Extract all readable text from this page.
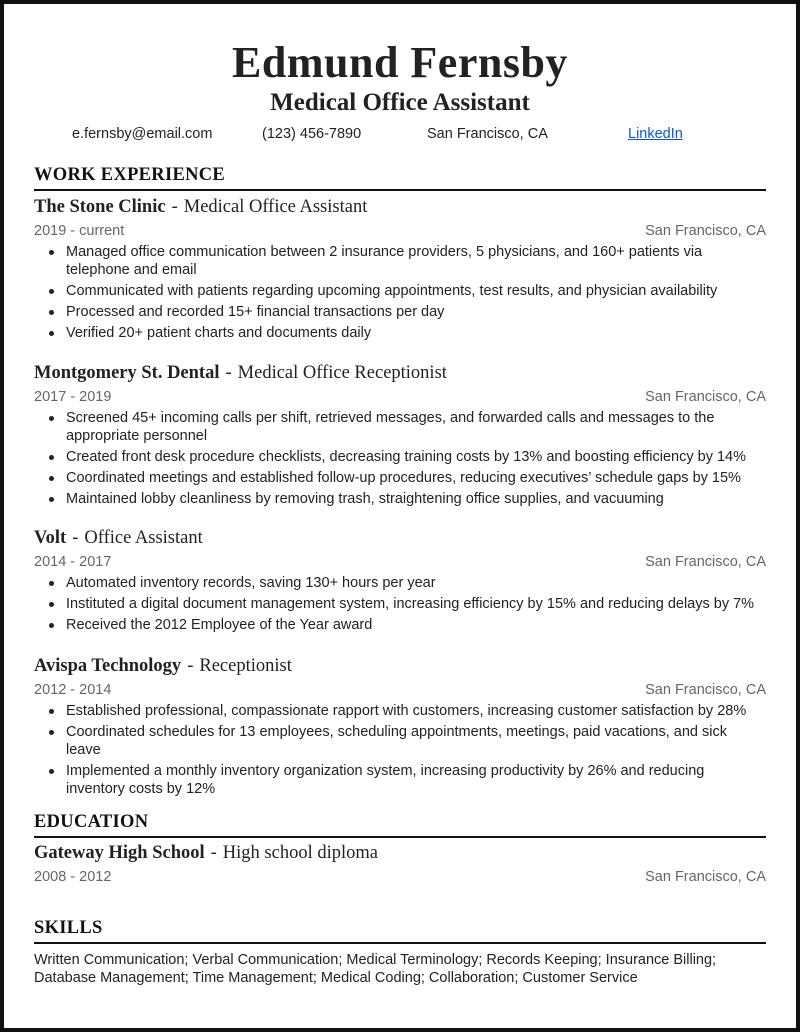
Edmund Fernsby
Medical Office Assistant
e.fernsby@email.com	(123) 456-7890	San Francisco, CA	LinkedIn
WORK EXPERIENCE
The Stone Clinic - Medical Office Assistant
2019 - current	San Francisco, CA
Managed office communication between 2 insurance providers, 5 physicians, and 160+ patients via telephone and email
Communicated with patients regarding upcoming appointments, test results, and physician availability
Processed and recorded 15+ financial transactions per day
Verified 20+ patient charts and documents daily
Montgomery St. Dental - Medical Office Receptionist
2017 - 2019	San Francisco, CA
Screened 45+ incoming calls per shift, retrieved messages, and forwarded calls and messages to the appropriate personnel
Created front desk procedure checklists, decreasing training costs by 13% and boosting efficiency by 14%
Coordinated meetings and established follow-up procedures, reducing executives’ schedule gaps by 15%
Maintained lobby cleanliness by removing trash, straightening office supplies, and vacuuming
Volt - Office Assistant
2014 - 2017	San Francisco, CA
Automated inventory records, saving 130+ hours per year
Instituted a digital document management system, increasing efficiency by 15% and reducing delays by 7%
Received the 2012 Employee of the Year award
Avispa Technology - Receptionist
2012 - 2014	San Francisco, CA
Established professional, compassionate rapport with customers, increasing customer satisfaction by 28%
Coordinated schedules for 13 employees, scheduling appointments, meetings, paid vacations, and sick leave
Implemented a monthly inventory organization system, increasing productivity by 26% and reducing inventory costs by 12%
EDUCATION
Gateway High School - High school diploma
2008 - 2012	San Francisco, CA
SKILLS
Written Communication; Verbal Communication; Medical Terminology; Records Keeping; Insurance Billing; Database Management; Time Management; Medical Coding; Collaboration; Customer Service
